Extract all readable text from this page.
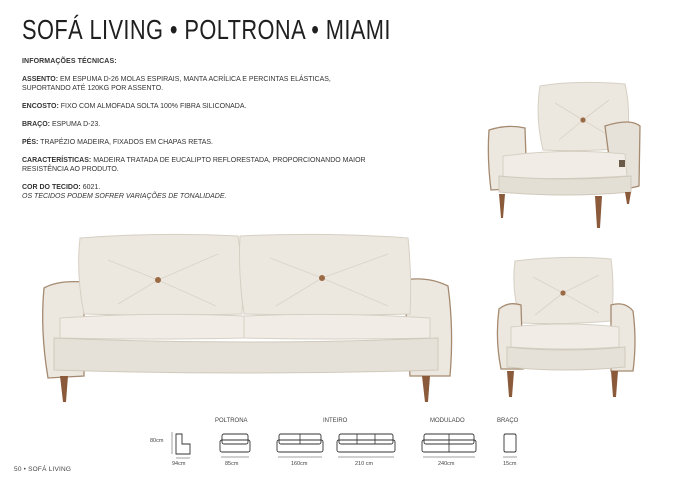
SOFÁ LIVING • POLTRONA • MIAMI
INFORMAÇÕES TÉCNICAS:
ASSENTO: EM ESPUMA D-26 MOLAS ESPIRAIS, MANTA ACRÍLICA E PERCINTAS ELÁSTICAS, SUPORTANDO ATÉ 120KG POR ASSENTO.
ENCOSTO: FIXO COM ALMOFADA SOLTA 100% FIBRA SILICONADA.
BRAÇO: ESPUMA D-23.
PÉS: TRAPÉZIO MADEIRA, FIXADOS EM CHAPAS RETAS.
CARACTERÍSTICAS: MADEIRA TRATADA DE EUCALIPTO REFLORESTADA, PROPORCIONANDO MAIOR RESISTÊNCIA AO PRODUTO.
COR DO TECIDO: 6021.
OS TECIDOS PODEM SOFRER VARIAÇÕES DE TONALIDADE.
80cm
94cm
POLTRONA
85cm
INTEIRO
160cm	210 cm
MODULADO
240cm
BRAÇO
15cm
50 • SOFÁ LIVING
